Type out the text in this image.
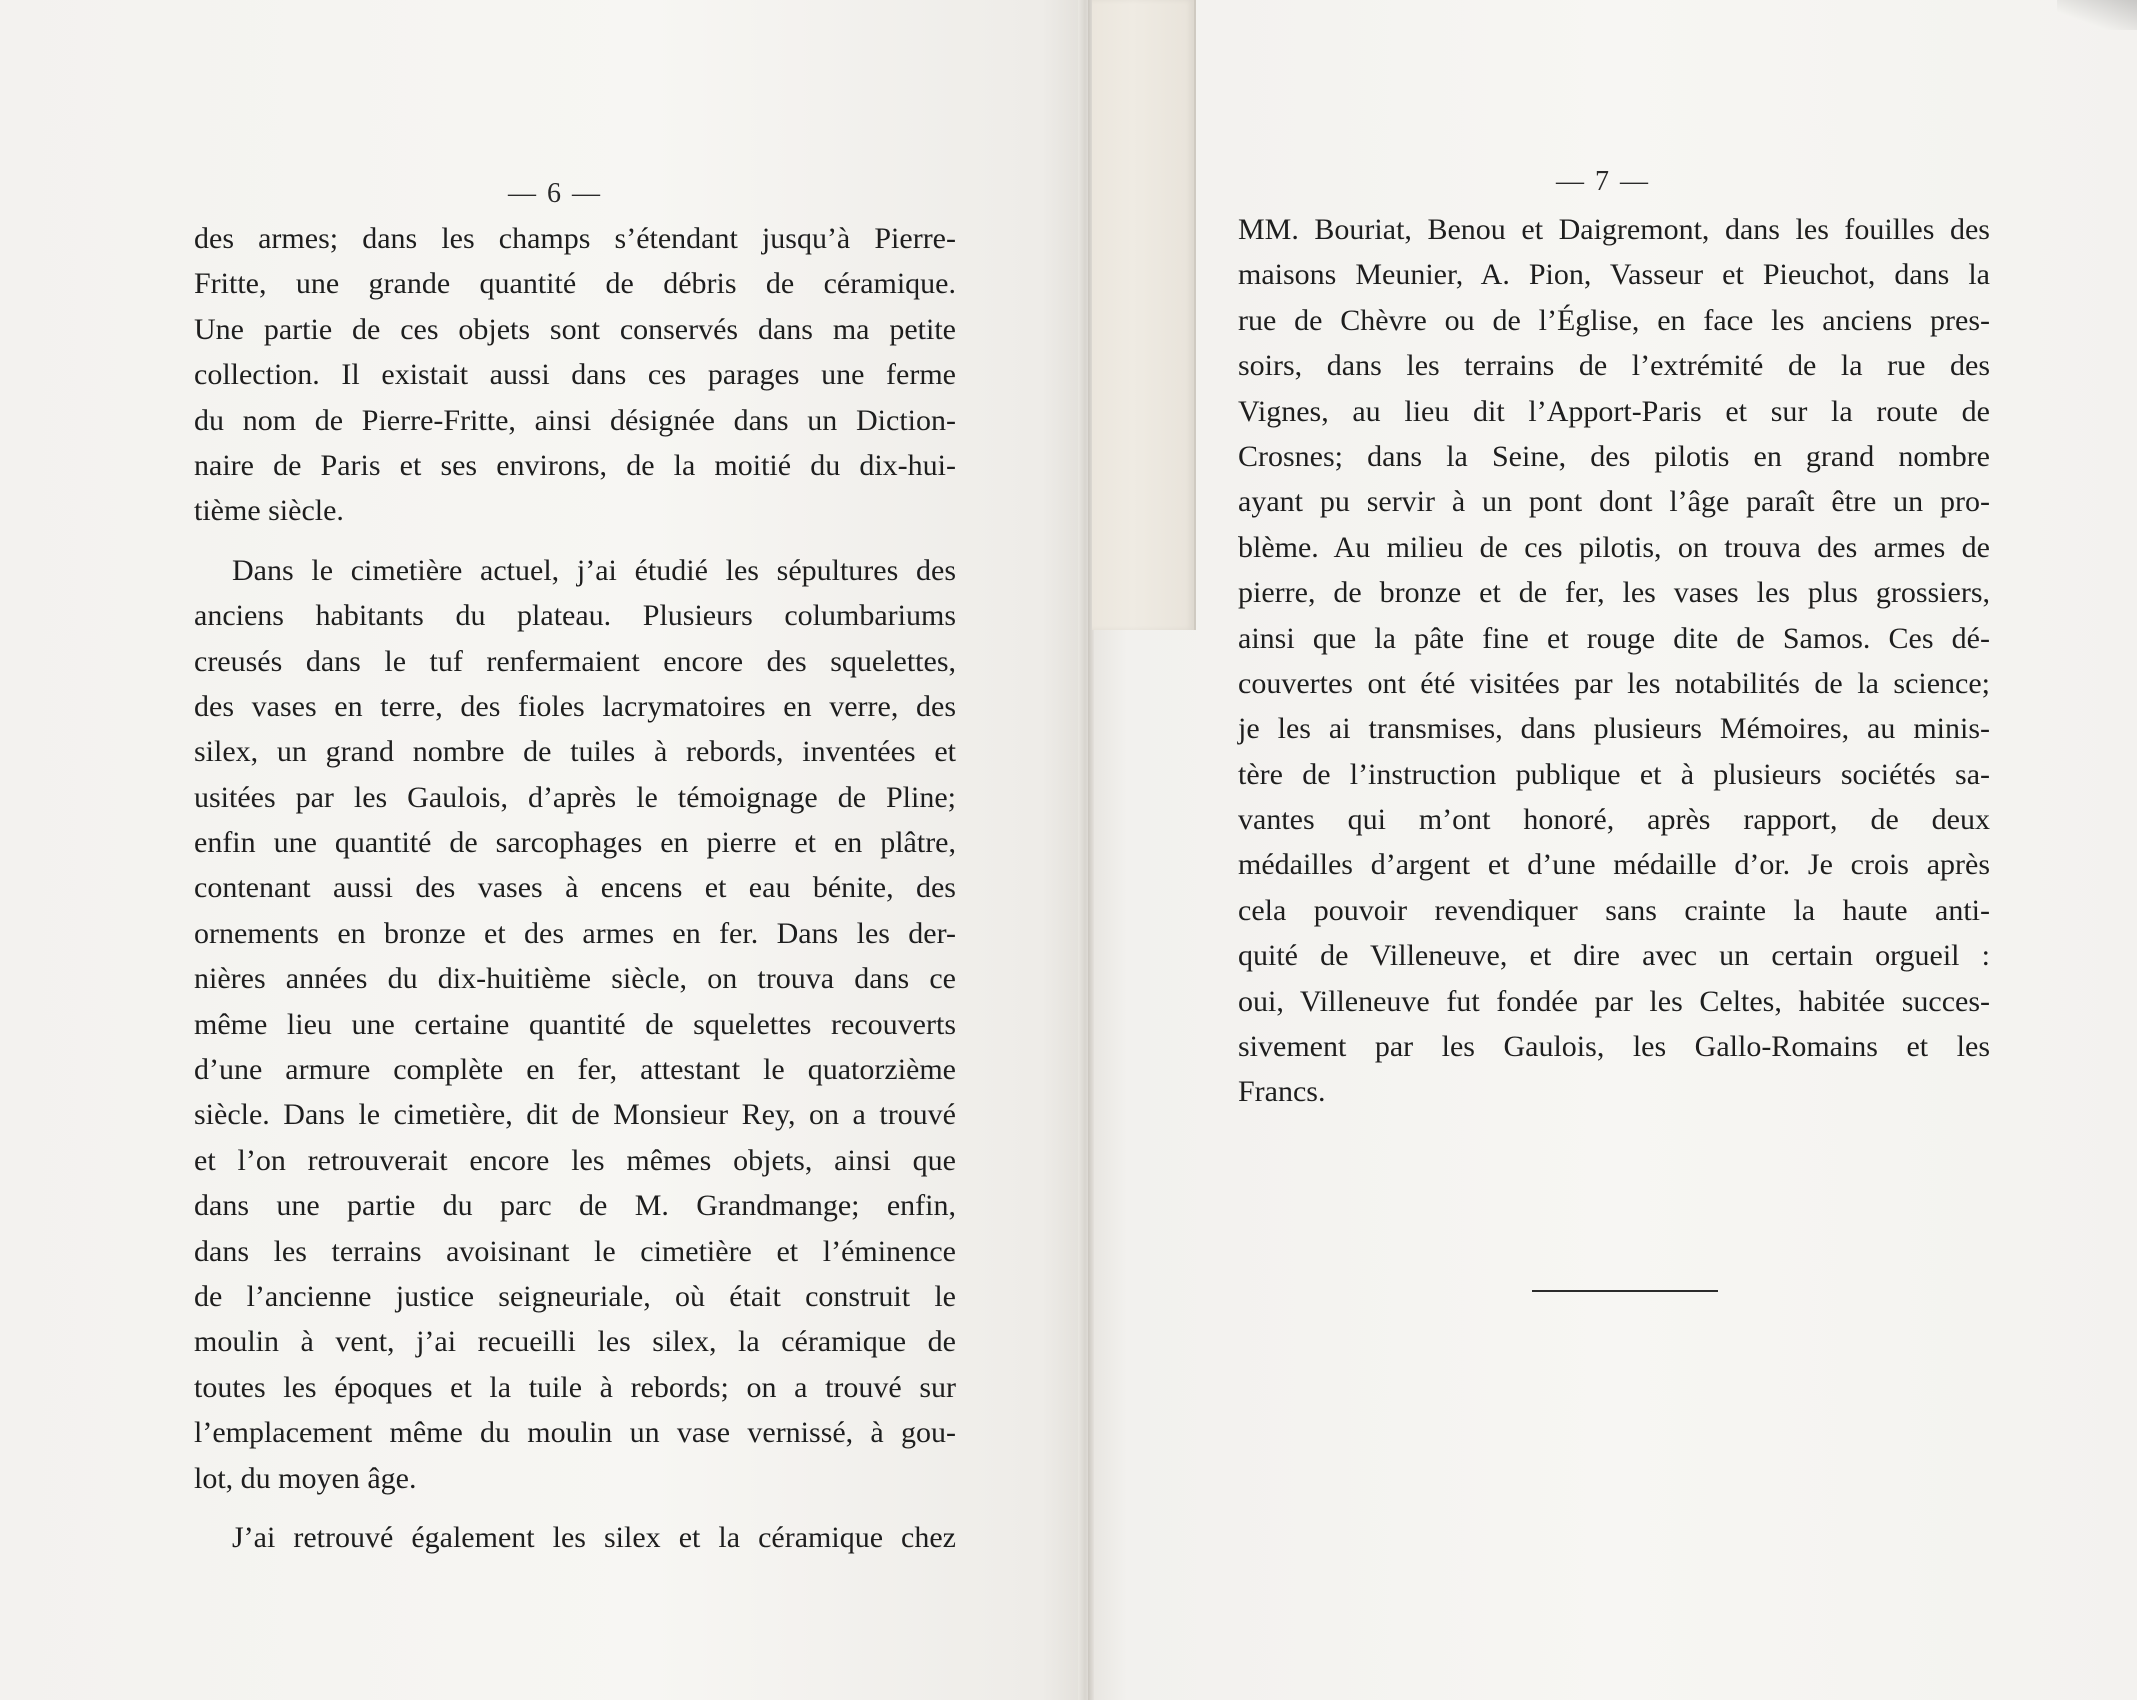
— 6 —	— 7 —
des armes; dans les champs s’étendant jusqu’à Pierre-
Fritte, une grande quantité de débris de céramique.
Une partie de ces objets sont conservés dans ma petite
collection. Il existait aussi dans ces parages une ferme
du nom de Pierre-Fritte, ainsi désignée dans un Diction-
naire de Paris et ses environs, de la moitié du dix-hui-
tième siècle.
Dans le cimetière actuel, j’ai étudié les sépultures des
anciens habitants du plateau. Plusieurs columbariums
creusés dans le tuf renfermaient encore des squelettes,
des vases en terre, des fioles lacrymatoires en verre, des
silex, un grand nombre de tuiles à rebords, inventées et
usitées par les Gaulois, d’après le témoignage de Pline;
enfin une quantité de sarcophages en pierre et en plâtre,
contenant aussi des vases à encens et eau bénite, des
ornements en bronze et des armes en fer. Dans les der-
nières années du dix-huitième siècle, on trouva dans ce
même lieu une certaine quantité de squelettes recouverts
d’une armure complète en fer, attestant le quatorzième
siècle. Dans le cimetière, dit de Monsieur Rey, on a trouvé
et l’on retrouverait encore les mêmes objets, ainsi que
dans une partie du parc de M. Grandmange; enfin,
dans les terrains avoisinant le cimetière et l’éminence
de l’ancienne justice seigneuriale, où était construit le
moulin à vent, j’ai recueilli les silex, la céramique de
toutes les époques et la tuile à rebords; on a trouvé sur
l’emplacement même du moulin un vase vernissé, à gou-
lot, du moyen âge.
J’ai retrouvé également les silex et la céramique chez
MM. Bouriat, Benou et Daigremont, dans les fouilles des
maisons Meunier, A. Pion, Vasseur et Pieuchot, dans la
rue de Chèvre ou de l’Église, en face les anciens pres-
soirs, dans les terrains de l’extrémité de la rue des
Vignes, au lieu dit l’Apport-Paris et sur la route de
Crosnes; dans la Seine, des pilotis en grand nombre
ayant pu servir à un pont dont l’âge paraît être un pro-
blème. Au milieu de ces pilotis, on trouva des armes de
pierre, de bronze et de fer, les vases les plus grossiers,
ainsi que la pâte fine et rouge dite de Samos. Ces dé-
couvertes ont été visitées par les notabilités de la science;
je les ai transmises, dans plusieurs Mémoires, au minis-
tère de l’instruction publique et à plusieurs sociétés sa-
vantes qui m’ont honoré, après rapport, de deux
médailles d’argent et d’une médaille d’or. Je crois après
cela pouvoir revendiquer sans crainte la haute anti-
quité de Villeneuve, et dire avec un certain orgueil :
oui, Villeneuve fut fondée par les Celtes, habitée succes-
sivement par les Gaulois, les Gallo-Romains et les
Francs.
